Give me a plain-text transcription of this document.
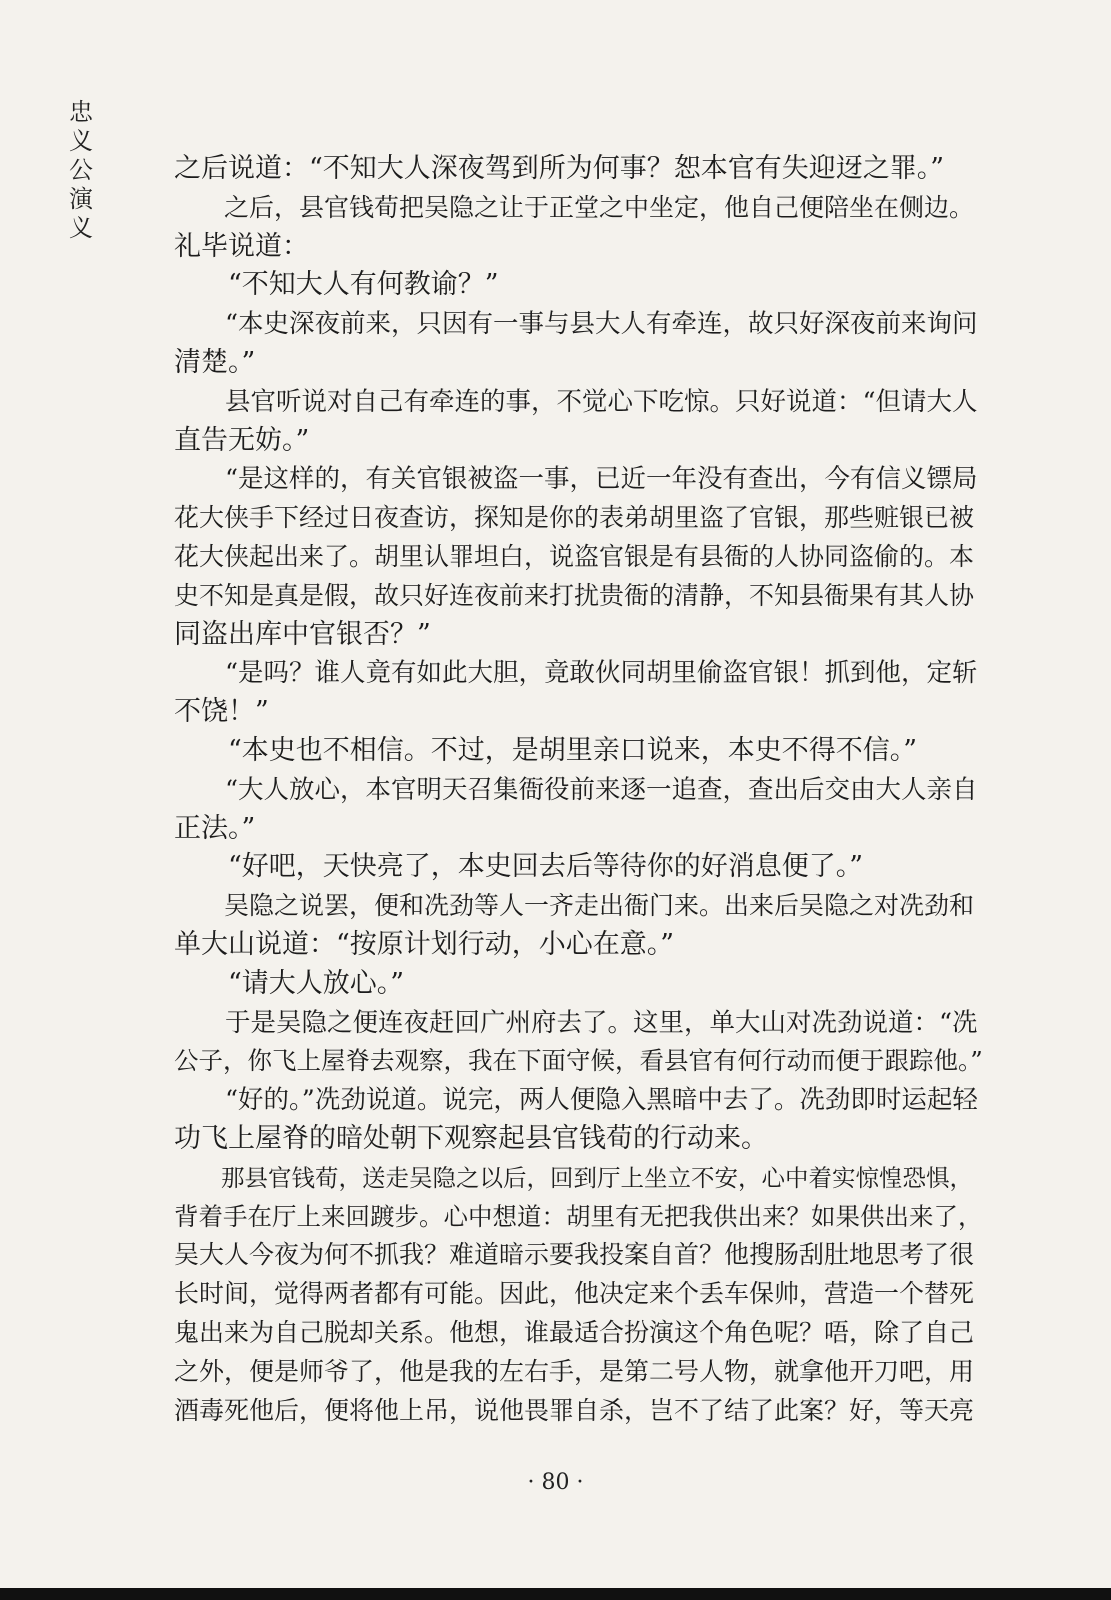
忠义公演义
之后说道：“不知大人深夜驾到所为何事？恕本官有失迎迓之罪。”
　　之后，县官钱荀把吴隐之让于正堂之中坐定，他自己便陪坐在侧边。
礼毕说道：
　　“不知大人有何教谕？”
　　“本史深夜前来，只因有一事与县大人有牵连，故只好深夜前来询问
清楚。”
　　县官听说对自己有牵连的事，不觉心下吃惊。只好说道：“但请大人
直告无妨。”
　　“是这样的，有关官银被盗一事，已近一年没有查出，今有信义镖局
花大侠手下经过日夜查访，探知是你的表弟胡里盗了官银，那些赃银已被
花大侠起出来了。胡里认罪坦白，说盗官银是有县衙的人协同盗偷的。本
史不知是真是假，故只好连夜前来打扰贵衙的清静，不知县衙果有其人协
同盗出库中官银否？”
　　“是吗？谁人竟有如此大胆，竟敢伙同胡里偷盗官银！抓到他，定斩
不饶！”
　　“本史也不相信。不过，是胡里亲口说来，本史不得不信。”
　　“大人放心，本官明天召集衙役前来逐一追查，查出后交由大人亲自
正法。”
　　“好吧，天快亮了，本史回去后等待你的好消息便了。”
　　吴隐之说罢，便和冼劲等人一齐走出衙门来。出来后吴隐之对冼劲和
单大山说道：“按原计划行动，小心在意。”
　　“请大人放心。”
　　于是吴隐之便连夜赶回广州府去了。这里，单大山对冼劲说道：“冼
公子，你飞上屋脊去观察，我在下面守候，看县官有何行动而便于跟踪他。”
　　“好的。”冼劲说道。说完，两人便隐入黑暗中去了。冼劲即时运起轻
功飞上屋脊的暗处朝下观察起县官钱荀的行动来。
　　那县官钱荀，送走吴隐之以后，回到厅上坐立不安，心中着实惊惶恐惧，
背着手在厅上来回踱步。心中想道：胡里有无把我供出来？如果供出来了，
吴大人今夜为何不抓我？难道暗示要我投案自首？他搜肠刮肚地思考了很
长时间，觉得两者都有可能。因此，他决定来个丢车保帅，营造一个替死
鬼出来为自己脱却关系。他想，谁最适合扮演这个角色呢？唔，除了自己
之外，便是师爷了，他是我的左右手，是第二号人物，就拿他开刀吧，用
酒毒死他后，便将他上吊，说他畏罪自杀，岂不了结了此案？好，等天亮
· 80 ·
